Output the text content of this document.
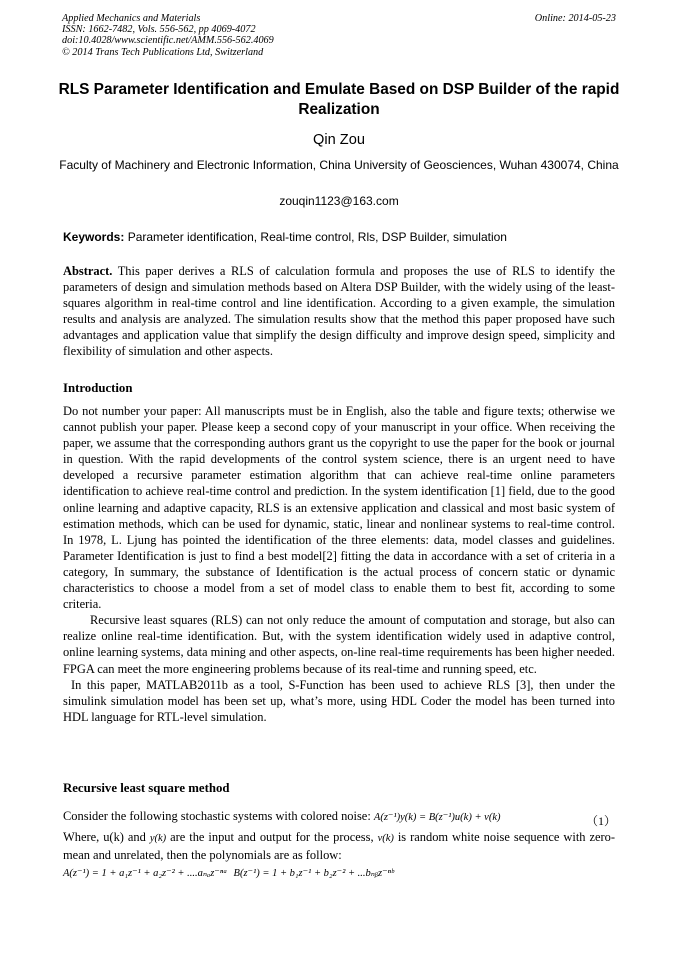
Applied Mechanics and Materials
ISSN: 1662-7482, Vols. 556-562, pp 4069-4072
doi:10.4028/www.scientific.net/AMM.556-562.4069
© 2014 Trans Tech Publications Ltd, Switzerland
Online: 2014-05-23
RLS Parameter Identification and Emulate Based on DSP Builder of the rapid Realization
Qin Zou
Faculty of Machinery and Electronic Information, China University of Geosciences, Wuhan 430074, China
zouqin1123@163.com
Keywords: Parameter identification, Real-time control, Rls, DSP Builder, simulation

Abstract. This paper derives a RLS of calculation formula and proposes the use of RLS to identify the parameters of design and simulation methods based on Altera DSP Builder, with the widely using of the least-squares algorithm in real-time control and line identification. According to a given example, the simulation results and analysis are analyzed. The simulation results show that the method this paper proposed have such advantages and application value that simplify the design difficulty and improve design speed, simplicity and flexibility of simulation and other aspects.

Introduction

Do not number your paper: All manuscripts must be in English, also the table and figure texts; otherwise we cannot publish your paper. Please keep a second copy of your manuscript in your office. When receiving the paper, we assume that the corresponding authors grant us the copyright to use the paper for the book or journal in question. With the rapid developments of the control system science, there is an urgent need to have developed a recursive parameter estimation algorithm that can achieve real-time online parameters identification to achieve real-time control and prediction. In the system identification [1] field, due to the good online learning and adaptive capacity, RLS is an extensive application and classical and most basic system of estimation methods, which can be used for dynamic, static, linear and nonlinear systems to real-time control. In 1978, L. Ljung has pointed the identification of the three elements: data, model classes and guidelines. Parameter Identification is just to find a best model[2] fitting the data in accordance with a set of criteria in a category, In summary, the substance of Identification is the actual process of concern static or dynamic characteristics to choose a model from a set of model class to enable them to best fit, according to some criteria.

Recursive least squares (RLS) can not only reduce the amount of computation and storage, but also can realize online real-time identification. But, with the system identification widely used in adaptive control, online learning systems, data mining and other aspects, on-line real-time requirements has been higher needed. FPGA can meet the more engineering problems because of its real-time and running speed, etc.

In this paper, MATLAB2011b as a tool, S-Function has been used to achieve RLS [3], then under the simulink simulation model has been set up, what’s more, using HDL Coder the model has been turned into HDL language for RTL-level simulation.

Recursive least square method
Consider the following stochastic systems with colored noise: A(z⁻¹)y(k) = B(z⁻¹)u(k) + v(k)	（1）

Where, u(k) and y(k) are the input and output for the process, v(k) is random white noise sequence with zero-mean and unrelated, then the polynomials are as follow:

A(z⁻¹) = 1 + a₁z⁻¹ + a₂z⁻² + ....aₙₐz⁻ⁿᵃ B(z⁻¹) = 1 + b₁z⁻¹ + b₂z⁻² + ...bₙᵦz⁻ⁿᵇ
